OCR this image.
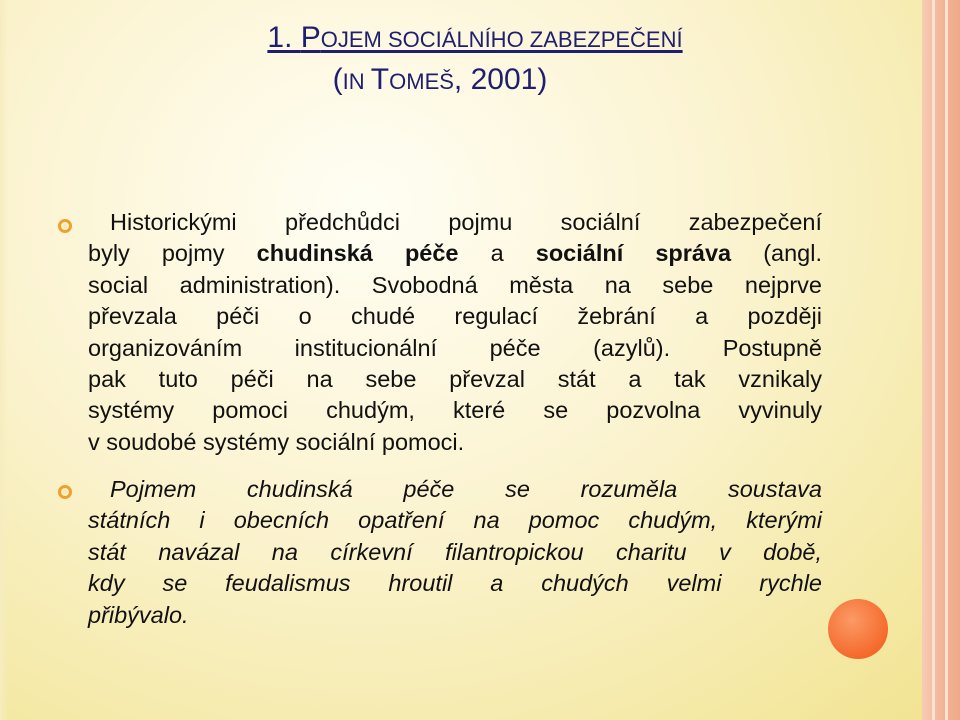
1. POJEM SOCIÁLNÍHO ZABEZPEČENÍ
(IN TOMEŠ, 2001)
Historickými předchůdci pojmu sociální zabezpečení
byly pojmy chudinská péče a sociální správa (angl.
social administration). Svobodná města na sebe nejprve
převzala péči o chudé regulací žebrání a později
organizováním institucionální péče (azylů). Postupně
pak tuto péči na sebe převzal stát a tak vznikaly
systémy pomoci chudým, které se pozvolna vyvinuly
v soudobé systémy sociální pomoci.
Pojmem chudinská péče se rozuměla soustava
státních i obecních opatření na pomoc chudým, kterými
stát navázal na církevní filantropickou charitu v době,
kdy se feudalismus hroutil a chudých velmi rychle
přibývalo.
